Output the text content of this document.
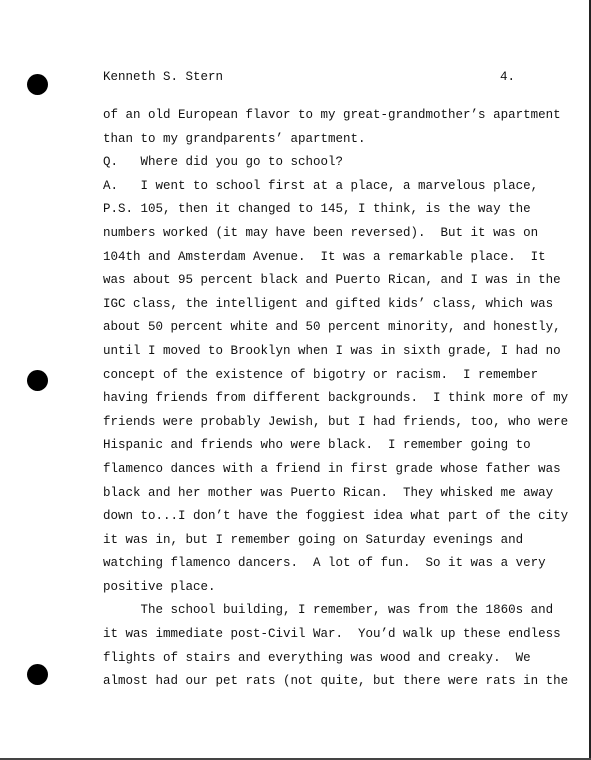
Kenneth S. Stern	4.
of an old European flavor to my great-grandmother’s apartment
than to my grandparents’ apartment.
Q.   Where did you go to school?
A.   I went to school first at a place, a marvelous place,
P.S. 105, then it changed to 145, I think, is the way the
numbers worked (it may have been reversed).  But it was on
104th and Amsterdam Avenue.  It was a remarkable place.  It
was about 95 percent black and Puerto Rican, and I was in the
IGC class, the intelligent and gifted kids’ class, which was
about 50 percent white and 50 percent minority, and honestly,
until I moved to Brooklyn when I was in sixth grade, I had no
concept of the existence of bigotry or racism.  I remember
having friends from different backgrounds.  I think more of my
friends were probably Jewish, but I had friends, too, who were
Hispanic and friends who were black.  I remember going to
flamenco dances with a friend in first grade whose father was
black and her mother was Puerto Rican.  They whisked me away
down to...I don’t have the foggiest idea what part of the city
it was in, but I remember going on Saturday evenings and
watching flamenco dancers.  A lot of fun.  So it was a very
positive place.
The school building, I remember, was from the 1860s and
it was immediate post-Civil War.  You’d walk up these endless
flights of stairs and everything was wood and creaky.  We
almost had our pet rats (not quite, but there were rats in the
